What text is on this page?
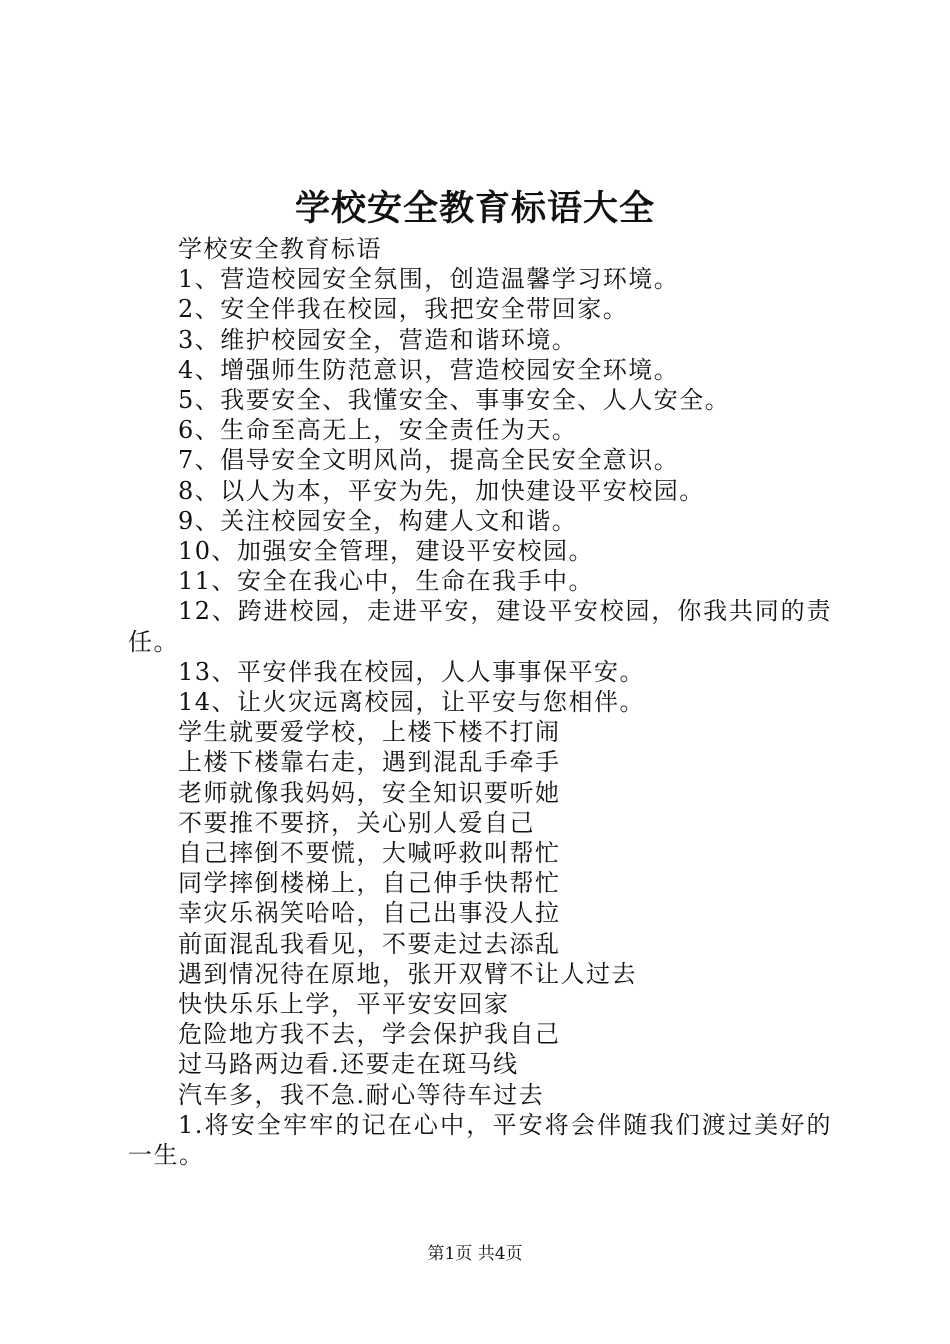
学校安全教育标语大全

学校安全教育标语

1、营造校园安全氛围，创造温馨学习环境。

2、安全伴我在校园，我把安全带回家。

3、维护校园安全，营造和谐环境。

4、增强师生防范意识，营造校园安全环境。

5、我要安全、我懂安全、事事安全、人人安全。

6、生命至高无上，安全责任为天。

7、倡导安全文明风尚，提高全民安全意识。

8、以人为本，平安为先，加快建设平安校园。

9、关注校园安全，构建人文和谐。

10、加强安全管理，建设平安校园。

11、安全在我心中，生命在我手中。

12、跨进校园，走进平安，建设平安校园，你我共同的责任。

13、平安伴我在校园，人人事事保平安。

14、让火灾远离校园，让平安与您相伴。

学生就要爱学校，上楼下楼不打闹

上楼下楼靠右走，遇到混乱手牵手

老师就像我妈妈，安全知识要听她

不要推不要挤，关心别人爱自己

自己摔倒不要慌，大喊呼救叫帮忙

同学摔倒楼梯上，自己伸手快帮忙

幸灾乐祸笑哈哈，自己出事没人拉

前面混乱我看见，不要走过去添乱

遇到情况待在原地，张开双臂不让人过去

快快乐乐上学，平平安安回家

危险地方我不去，学会保护我自己

过马路两边看.还要走在斑马线

汽车多，我不急.耐心等待车过去

1.将安全牢牢的记在心中，平安将会伴随我们渡过美好的一生。

第1页 共4页
